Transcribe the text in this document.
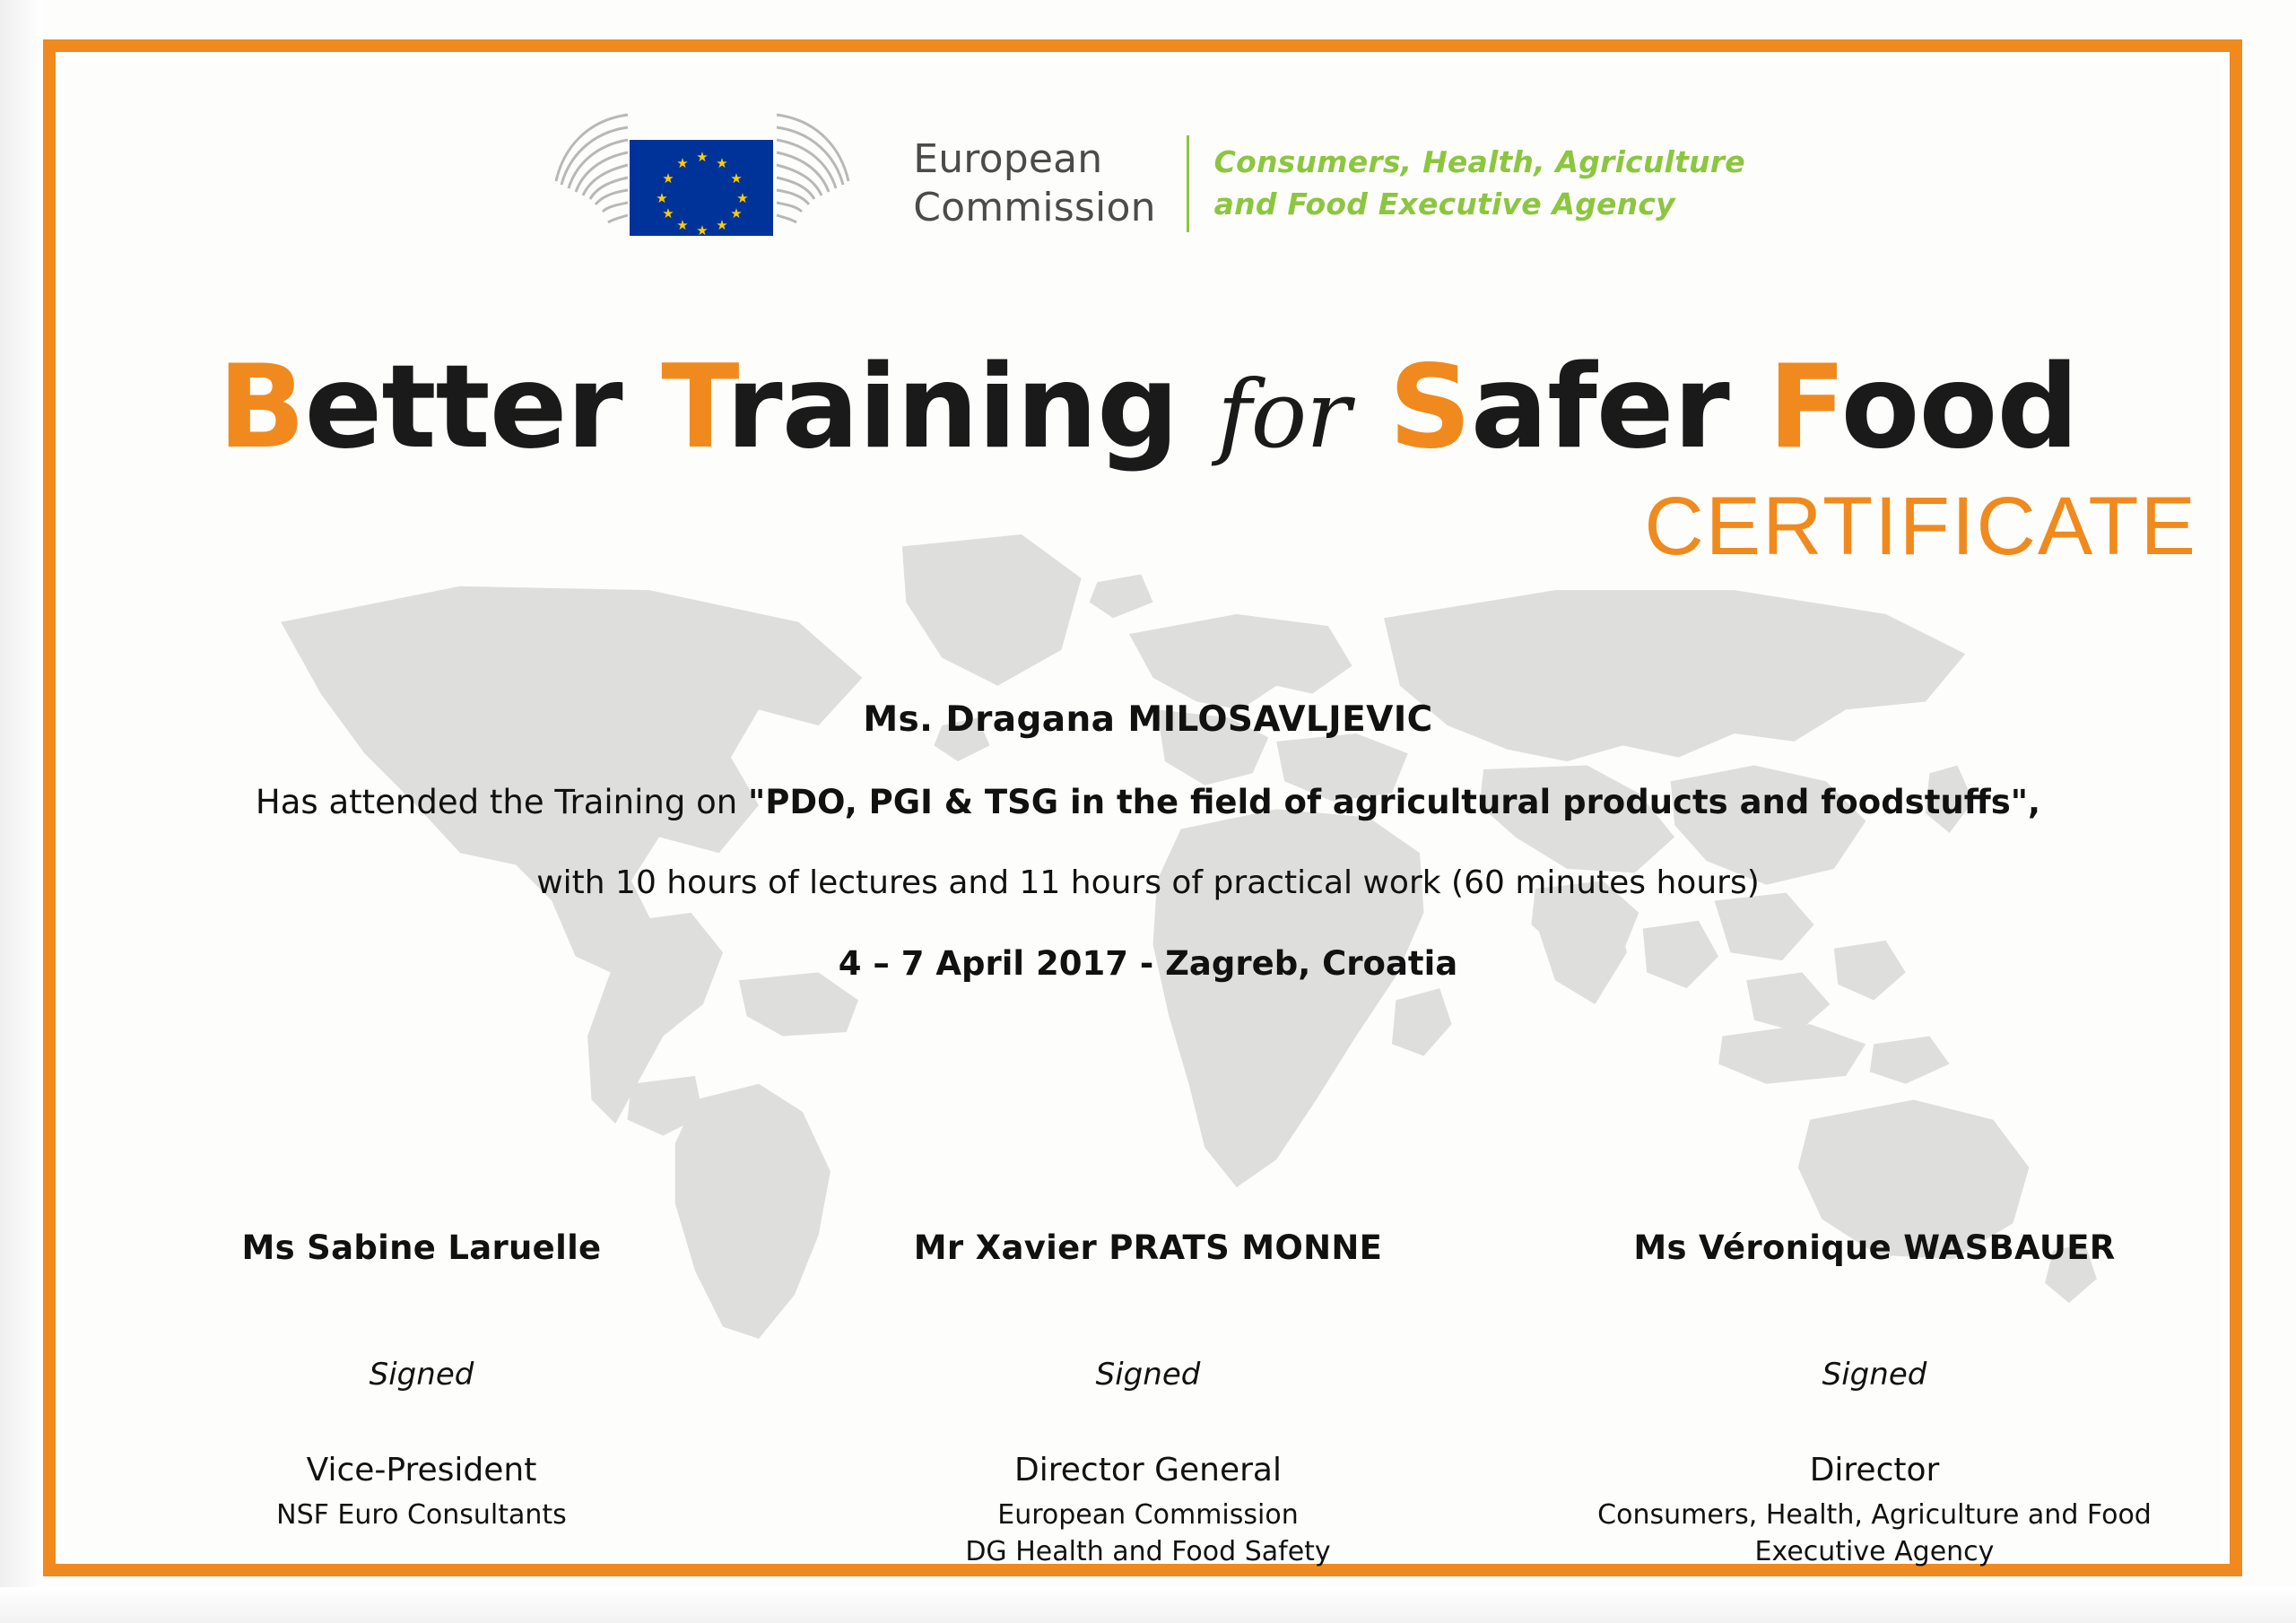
★ ★
★
★
★
★
★
★
★
★
★
★	European
Commission
Consumers, Health, Agriculture
and Food Executive Agency
Better Training for Safer Food
CERTIFICATE
Ms. Dragana MILOSAVLJEVIC
Has attended the Training on "PDO, PGI & TSG in the field of agricultural products and foodstuffs",
with 10 hours of lectures and 11 hours of practical work (60 minutes hours)
4 – 7 April 2017 - Zagreb, Croatia
Ms Sabine Laruelle
Signed
Vice-President
NSF Euro Consultants
Mr Xavier PRATS MONNE
Signed
Director General
European Commission
DG Health and Food Safety
Ms Véronique WASBAUER
Signed
Director
Consumers, Health, Agriculture and Food
Executive Agency
